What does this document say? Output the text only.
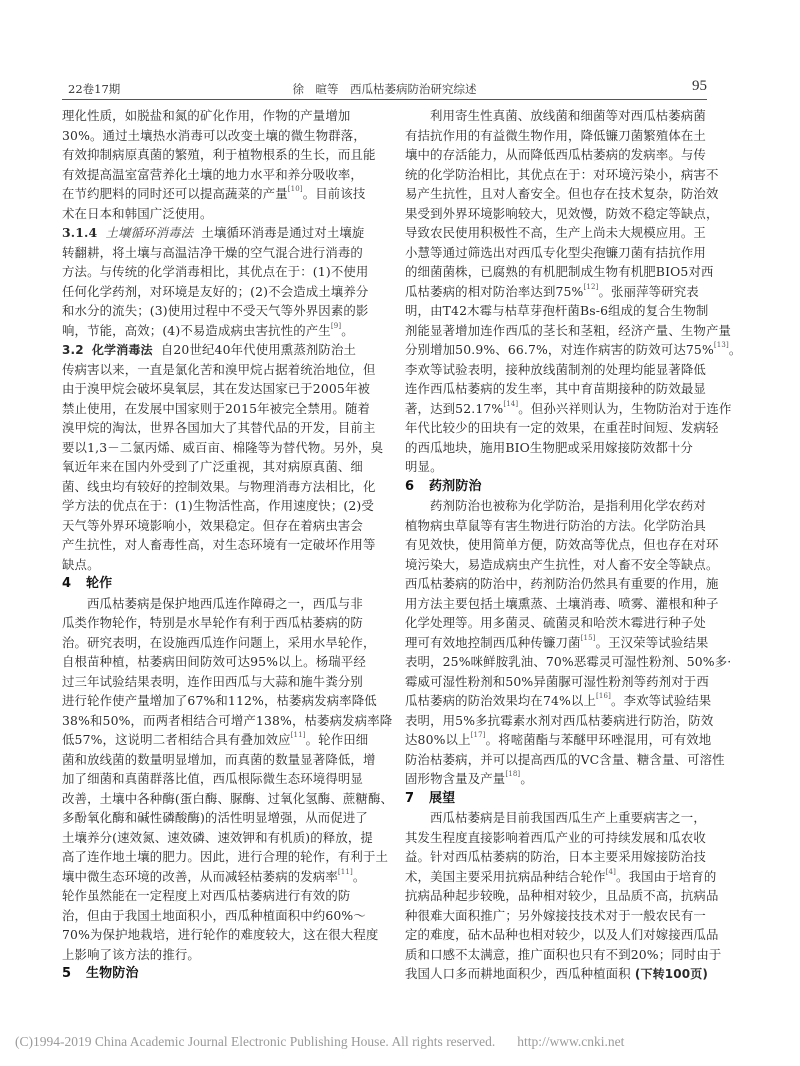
22卷17期	徐　暄等　西瓜枯萎病防治研究综述	95
理化性质，如脱盐和氮的矿化作用，作物的产量增加
30%。通过土壤热水消毒可以改变土壤的微生物群落，
有效抑制病原真菌的繁殖，利于植物根系的生长，而且能
有效提高温室富营养化土壤的地力水平和养分吸收率，
在节约肥料的同时还可以提高蔬菜的产量[10]。目前该技
术在日本和韩国广泛使用。
3.1.4 土壤循环消毒法 土壤循环消毒是通过对土壤旋
转翻耕，将土壤与高温洁净干燥的空气混合进行消毒的
方法。与传统的化学消毒相比，其优点在于：(1)不使用
任何化学药剂，对环境是友好的；(2)不会造成土壤养分
和水分的流失；(3)使用过程中不受天气等外界因素的影
响，节能，高效；(4)不易造成病虫害抗性的产生[9]。
3.2 化学消毒法 自20世纪40年代使用熏蒸剂防治土
传病害以来，一直是氯化苦和溴甲烷占据着统治地位，但
由于溴甲烷会破坏臭氧层，其在发达国家已于2005年被
禁止使用，在发展中国家则于2015年被完全禁用。随着
溴甲烷的淘汰，世界各国加大了其替代品的开发，目前主
要以1,3－二氯丙烯、威百亩、棉隆等为替代物。另外，臭
氧近年来在国内外受到了广泛重视，其对病原真菌、细
菌、线虫均有较好的控制效果。与物理消毒方法相比，化
学方法的优点在于：(1)生物活性高，作用速度快；(2)受
天气等外界环境影响小，效果稳定。但存在着病虫害会
产生抗性，对人畜毒性高，对生态环境有一定破坏作用等
缺点。
4 轮作
西瓜枯萎病是保护地西瓜连作障碍之一，西瓜与非
瓜类作物轮作，特别是水旱轮作有利于西瓜枯萎病的防
治。研究表明，在设施西瓜连作问题上，采用水旱轮作，
自根苗种植，枯萎病田间防效可达95%以上。杨瑞平经
过三年试验结果表明，连作田西瓜与大蒜和施牛粪分别
进行轮作使产量增加了67%和112%，枯萎病发病率降低
38%和50%，而两者相结合可增产138%，枯萎病发病率降
低57%，这说明二者相结合具有叠加效应[11]。轮作田细
菌和放线菌的数量明显增加，而真菌的数量显著降低，增
加了细菌和真菌群落比值，西瓜根际微生态环境得明显
改善，土壤中各种酶(蛋白酶、脲酶、过氧化氢酶、蔗糖酶、
多酚氧化酶和碱性磷酸酶)的活性明显增强，从而促进了
土壤养分(速效氮、速效磷、速效钾和有机质)的释放，提
高了连作地土壤的肥力。因此，进行合理的轮作，有利于土
壤中微生态环境的改善，从而减轻枯萎病的发病率[11]。
轮作虽然能在一定程度上对西瓜枯萎病进行有效的防
治，但由于我国土地面积小，西瓜种植面积中约60%～
70%为保护地栽培，进行轮作的难度较大，这在很大程度
上影响了该方法的推行。
5 生物防治
利用寄生性真菌、放线菌和细菌等对西瓜枯萎病菌
有拮抗作用的有益微生物作用，降低镰刀菌繁殖体在土
壤中的存活能力，从而降低西瓜枯萎病的发病率。与传
统的化学防治相比，其优点在于：对环境污染小，病害不
易产生抗性，且对人畜安全。但也存在技术复杂，防治效
果受到外界环境影响较大，见效慢，防效不稳定等缺点，
导致农民使用积极性不高，生产上尚未大规模应用。王
小慧等通过筛选出对西瓜专化型尖孢镰刀菌有拮抗作用
的细菌菌株，已腐熟的有机肥制成生物有机肥BIO5对西
瓜枯萎病的相对防治率达到75%[12]。张丽萍等研究表
明，由T42木霉与枯草芽孢杆菌Bs-6组成的复合生物制
剂能显著增加连作西瓜的茎长和茎粗，经济产量、生物产量
分别增加50.9%、66.7%，对连作病害的防效可达75%[13]。
李欢等试验表明，接种放线菌制剂的处理均能显著降低
连作西瓜枯萎病的发生率，其中育苗期接种的防效最显
著，达到52.17%[14]。但孙兴祥则认为，生物防治对于连作
年代比较少的田块有一定的效果，在重茬时间短、发病轻
的西瓜地块，施用BIO生物肥或采用嫁接防效都十分
明显。
6 药剂防治
药剂防治也被称为化学防治，是指利用化学农药对
植物病虫草鼠等有害生物进行防治的方法。化学防治具
有见效快，使用简单方便，防效高等优点，但也存在对环
境污染大，易造成病虫产生抗性，对人畜不安全等缺点。
西瓜枯萎病的防治中，药剂防治仍然具有重要的作用，施
用方法主要包括土壤熏蒸、土壤消毒、喷雾、灌根和种子
化学处理等。用多菌灵、硫菌灵和哈茨木霉进行种子处
理可有效地控制西瓜种传镰刀菌[15]。王汉荣等试验结果
表明，25%咪鲜胺乳油、70%恶霉灵可湿性粉剂、50%多·
霉威可湿性粉剂和50%异菌脲可湿性粉剂等药剂对于西
瓜枯萎病的防治效果均在74%以上[16]。李欢等试验结果
表明，用5%多抗霉素水剂对西瓜枯萎病进行防治，防效
达80%以上[17]。将嘧菌酯与苯醚甲环唑混用，可有效地
防治枯萎病，并可以提高西瓜的VC含量、糖含量、可溶性
固形物含量及产量[18]。
7 展望
西瓜枯萎病是目前我国西瓜生产上重要病害之一，
其发生程度直接影响着西瓜产业的可持续发展和瓜农收
益。针对西瓜枯萎病的防治，日本主要采用嫁接防治技
术，美国主要采用抗病品种结合轮作[4]。我国由于培育的
抗病品种起步较晚，品种相对较少，且品质不高，抗病品
种很难大面积推广；另外嫁接技技术对于一般农民有一
定的难度，砧木品种也相对较少，以及人们对嫁接西瓜品
质和口感不太满意，推广面积也只有不到20%；同时由于
我国人口多而耕地面积少，西瓜种植面积 (下转100页)
(C)1994-2019 China Academic Journal Electronic Publishing House. All rights reserved. http://www.cnki.net
